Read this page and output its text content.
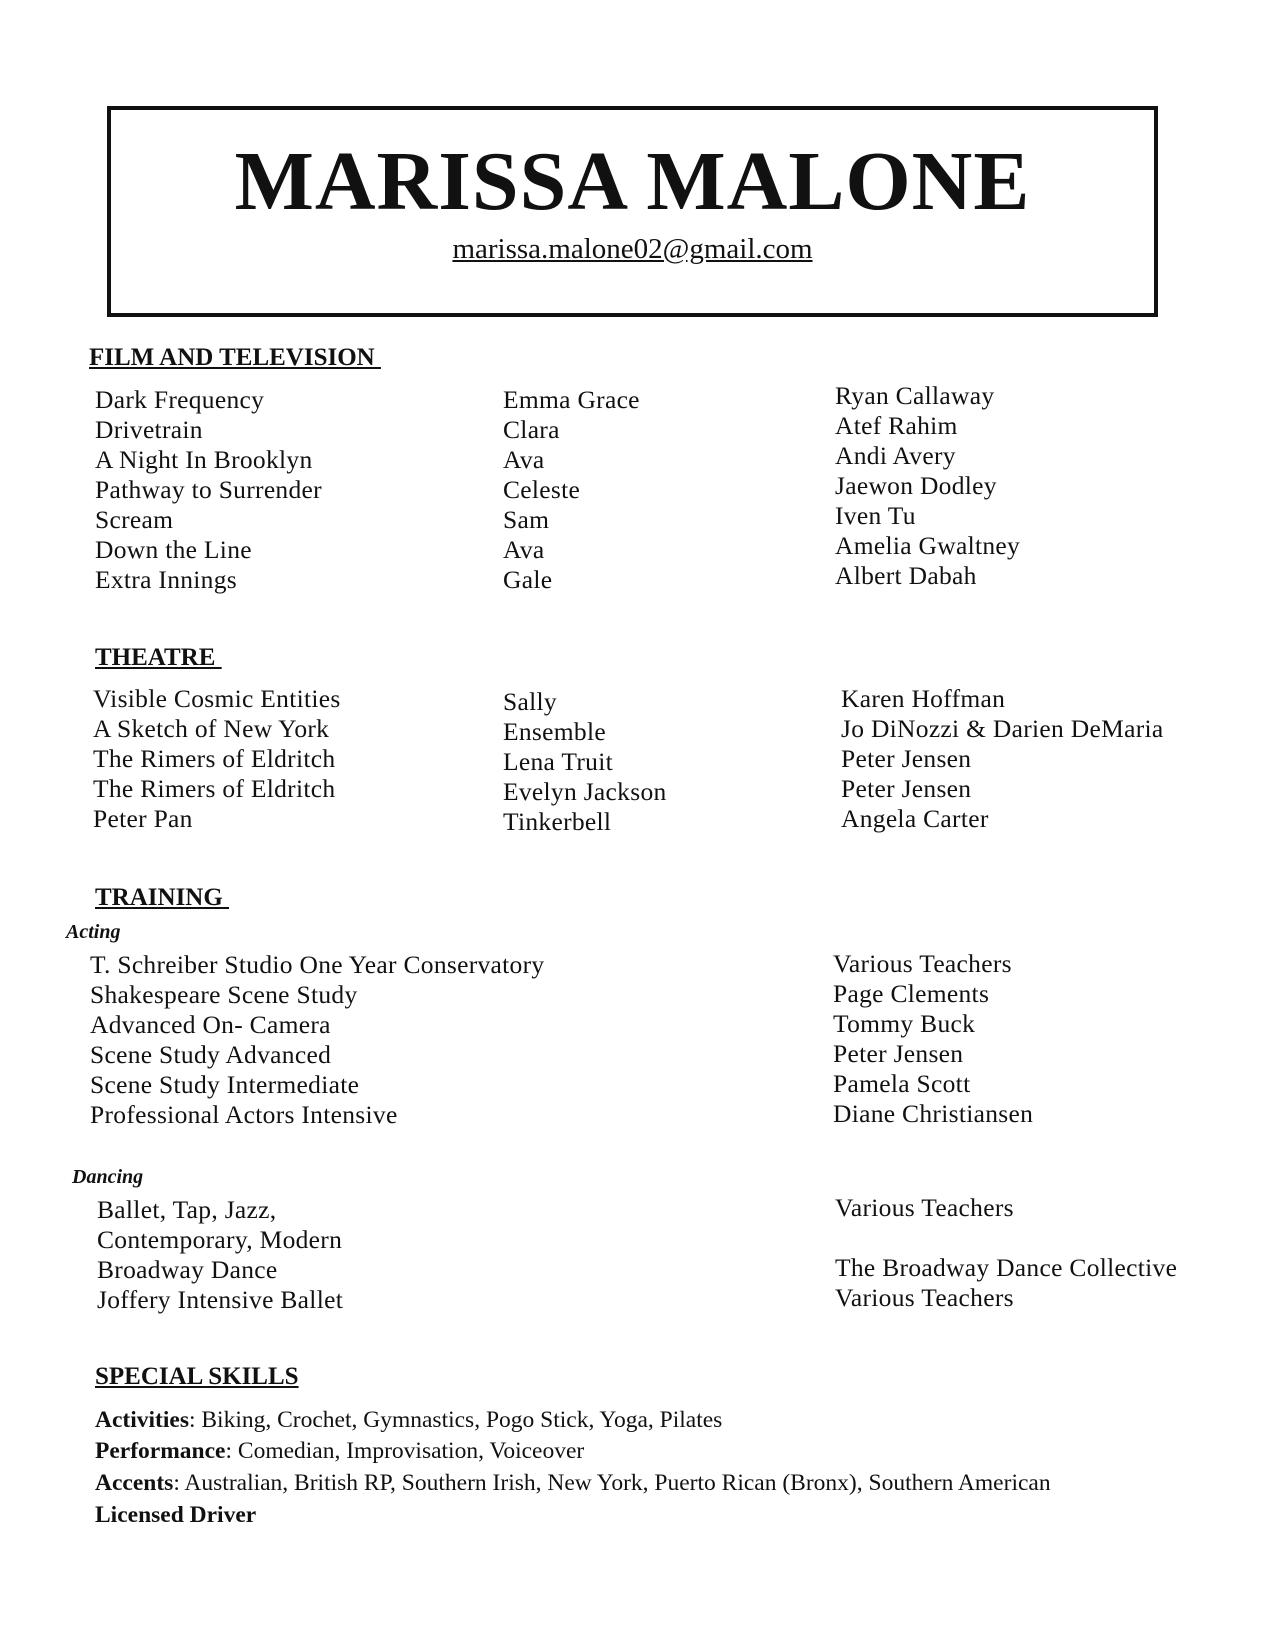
MARISSA MALONE
marissa.malone02@gmail.com
FILM AND TELEVISION
Dark Frequency
Drivetrain
A Night In Brooklyn
Pathway to Surrender
Scream
Down the Line
Extra Innings
Emma Grace
Clara
Ava
Celeste
Sam
Ava
Gale
Ryan Callaway
Atef Rahim
Andi Avery
Jaewon Dodley
Iven Tu
Amelia Gwaltney
Albert Dabah
THEATRE
Visible Cosmic Entities
A Sketch of New York
The Rimers of Eldritch
The Rimers of Eldritch
Peter Pan
Sally
Ensemble
Lena Truit
Evelyn Jackson
Tinkerbell
Karen Hoffman
Jo DiNozzi & Darien DeMaria
Peter Jensen
Peter Jensen
Angela Carter
TRAINING
Acting
T. Schreiber Studio One Year Conservatory
Shakespeare Scene Study
Advanced On- Camera
Scene Study Advanced
Scene Study Intermediate
Professional Actors Intensive
Various Teachers
Page Clements
Tommy Buck
Peter Jensen
Pamela Scott
Diane Christiansen
Dancing
Ballet, Tap, Jazz,
Contemporary, Modern
Broadway Dance
Joffery Intensive Ballet
Various Teachers

The Broadway Dance Collective
Various Teachers
SPECIAL SKILLS
Activities: Biking, Crochet, Gymnastics, Pogo Stick, Yoga, Pilates
Performance: Comedian, Improvisation, Voiceover
Accents: Australian, British RP, Southern Irish, New York, Puerto Rican (Bronx), Southern American
Licensed Driver
